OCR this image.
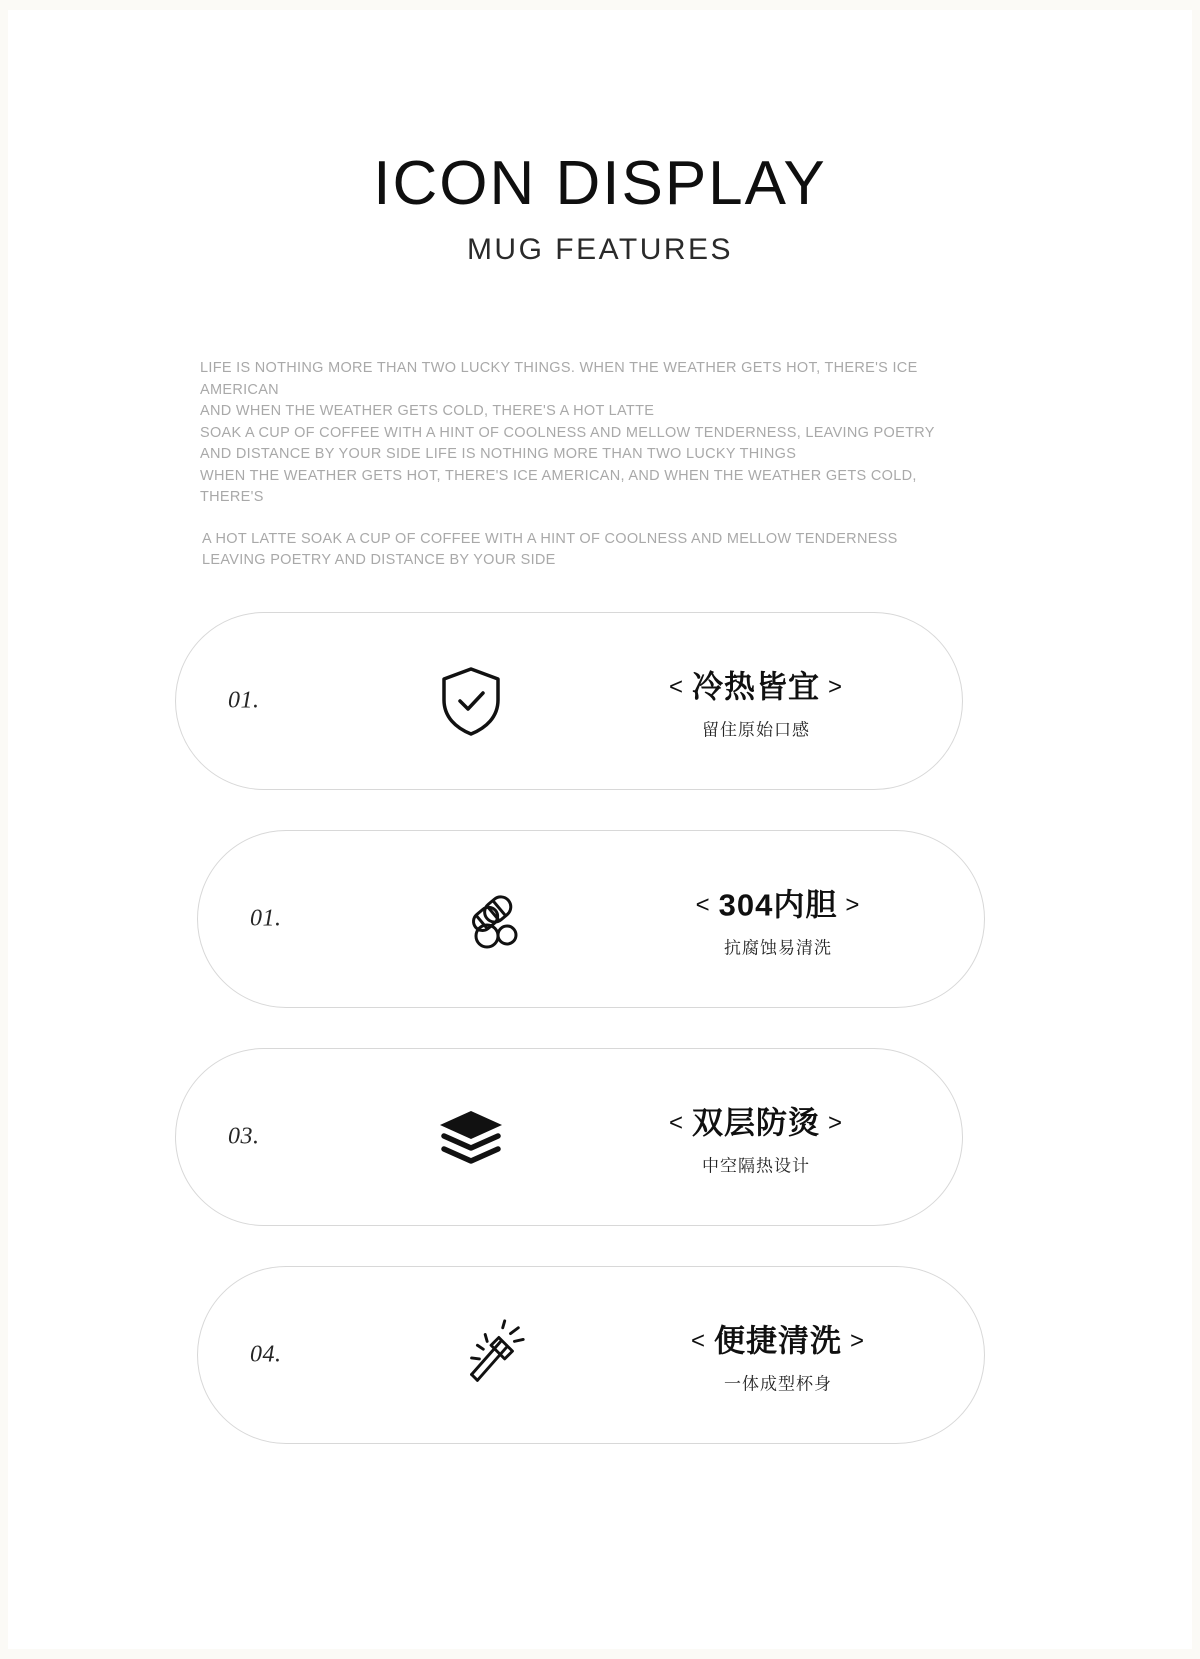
ICON DISPLAY
MUG FEATURES

LIFE IS NOTHING MORE THAN TWO LUCKY THINGS. WHEN THE WEATHER GETS HOT, THERE'S ICE AMERICAN

AND WHEN THE WEATHER GETS COLD, THERE'S A HOT LATTE

SOAK A CUP OF COFFEE WITH A HINT OF COOLNESS AND MELLOW TENDERNESS, LEAVING POETRY

AND DISTANCE BY YOUR SIDE LIFE IS NOTHING MORE THAN TWO LUCKY THINGS

WHEN THE WEATHER GETS HOT, THERE'S ICE AMERICAN, AND WHEN THE WEATHER GETS COLD, THERE'S

A HOT LATTE SOAK A CUP OF COFFEE WITH A HINT OF COOLNESS AND MELLOW TENDERNESS

LEAVING POETRY AND DISTANCE BY YOUR SIDE

01.	< 冷热皆宜 >
留住原始口感
01.	< 304内胆 >
抗腐蚀易清洗
03.	< 双层防烫 >
中空隔热设计
04.	< 便捷清洗 >
一体成型杯身
